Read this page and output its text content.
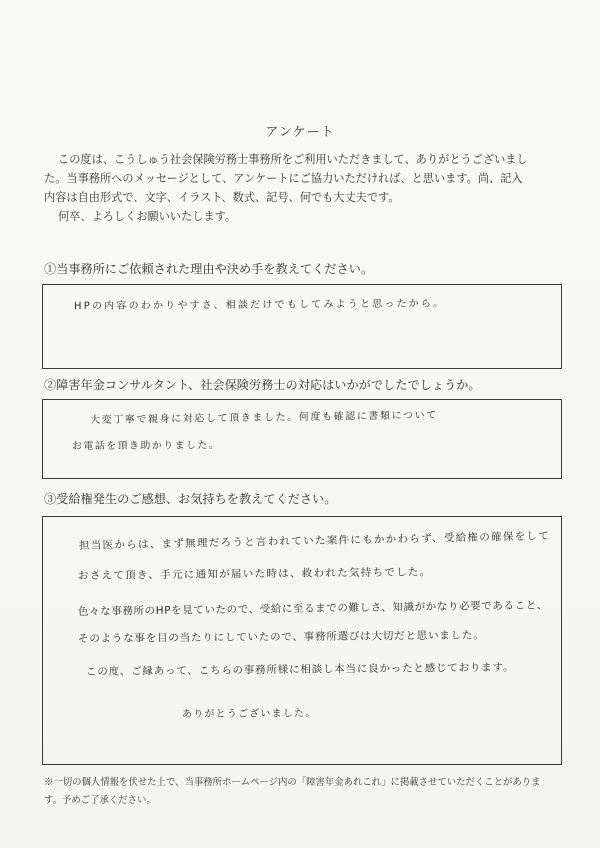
アンケート
この度は、こうしゅう社会保険労務士事務所をご利用いただきまして、ありがとうございまし
た。当事務所へのメッセージとして、アンケートにご協力いただければ、と思います。尚、記入
内容は自由形式で、文字、イラスト、数式、記号、何でも大丈夫です。
何卒、よろしくお願いいたします。
①当事務所にご依頼された理由や決め手を教えてください。
HPの内容のわかりやすさ、相談だけでもしてみようと思ったから。
②障害年金コンサルタント、社会保険労務士の対応はいかがでしたでしょうか。
大変丁寧で親身に対応して頂きました。何度も確認に書類について
お電話を頂き助かりました。
③受給権発生のご感想、お気持ちを教えてください。
担当医からは、まず無理だろうと言われていた案件にもかかわらず、受給権の確保をして
おさえて頂き、手元に通知が届いた時は、救われた気持ちでした。
色々な事務所のHPを見ていたので、受給に至るまでの難しさ、知識がかなり必要であること、
そのような事を目の当たりにしていたので、事務所選びは大切だと思いました。
この度、ご縁あって、こちらの事務所様に相談し本当に良かったと感じております。
ありがとうございました。
※一切の個人情報を伏せた上で、当事務所ホームページ内の「障害年金あれこれ」に掲載させていただくことがありま
す。予めご了承ください。
